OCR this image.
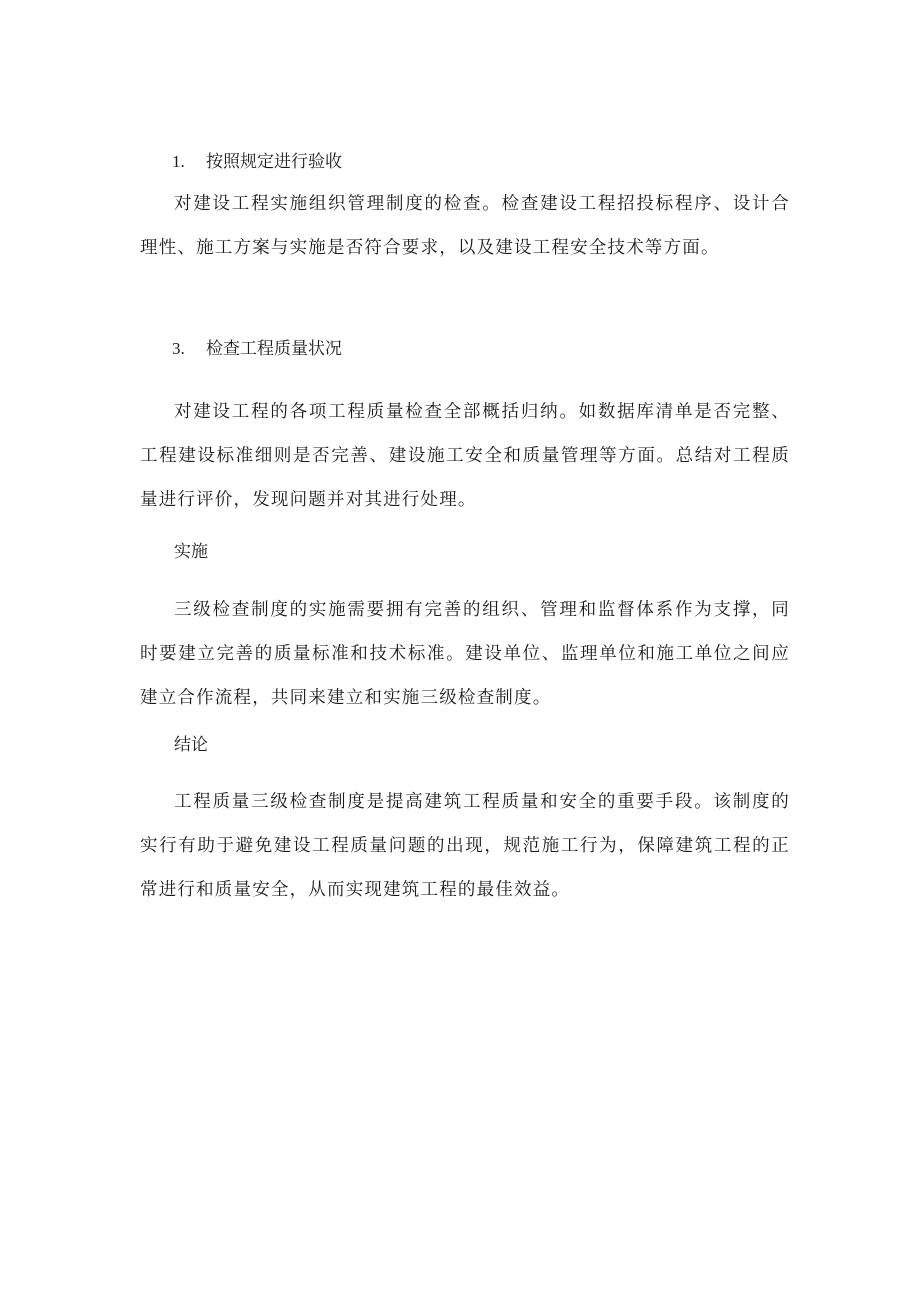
1. 按照规定进行验收
对建设工程实施组织管理制度的检查。检查建设工程招投标程序、设计合理性、施工方案与实施是否符合要求，以及建设工程安全技术等方面。
3. 检查工程质量状况
对建设工程的各项工程质量检查全部概括归纳。如数据库清单是否完整、工程建设标准细则是否完善、建设施工安全和质量管理等方面。总结对工程质量进行评价，发现问题并对其进行处理。
实施
三级检查制度的实施需要拥有完善的组织、管理和监督体系作为支撑，同时要建立完善的质量标准和技术标准。建设单位、监理单位和施工单位之间应建立合作流程，共同来建立和实施三级检查制度。
结论
工程质量三级检查制度是提高建筑工程质量和安全的重要手段。该制度的实行有助于避免建设工程质量问题的出现，规范施工行为，保障建筑工程的正常进行和质量安全，从而实现建筑工程的最佳效益。
